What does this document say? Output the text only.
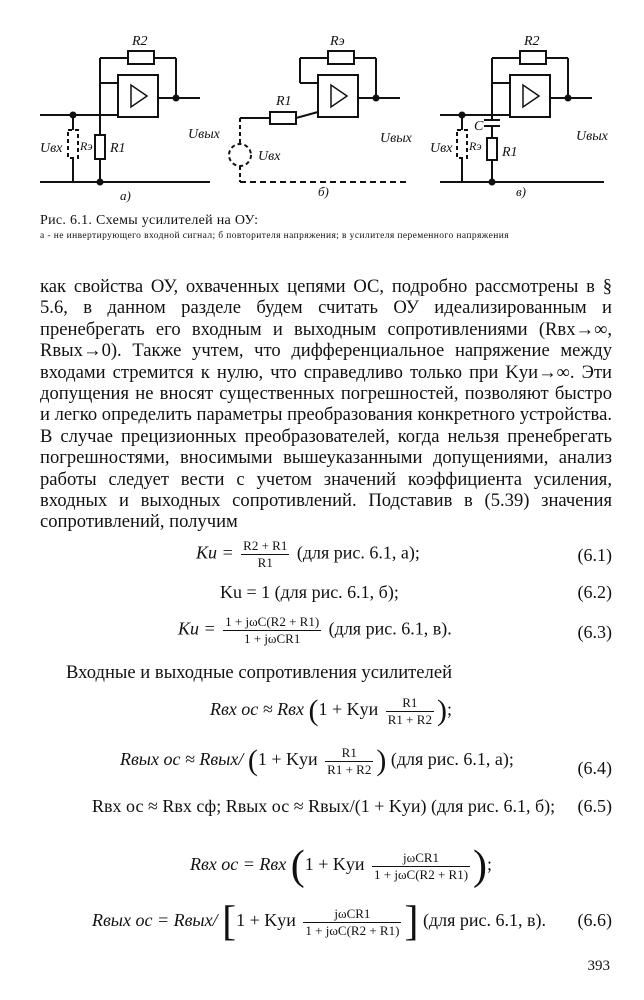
R2
Rэ R1
Uвх
Uвых
а)
Rэ
R1
Uвх
Uвых
б)
R2
C
Rэ R1
Uвх
Uвых
в)
Рис. 6.1. Схемы усилителей на ОУ:
а - не инвертирующего входной сигнал; б повторителя напряжения; в усилителя переменного напряжения
как свойства ОУ, охваченных цепями ОС, подробно рассмотрены в § 5.6, в данном разделе будем считать ОУ идеализированным и пренебрегать его входным и выходным сопротивлениями (Rвх→∞, Rвых→0). Также учтем, что дифференциальное напряжение между входами стремится к нулю, что справедливо только при Kуи→∞. Эти допущения не вносят существенных погрешностей, позволяют быстро и легко определить параметры преобразования конкретного устройства. В случае прецизионных преобразователей, когда нельзя пренебрегать погрешностями, вносимыми вышеуказанными допущениями, анализ работы следует вести с учетом значений коэффициента усиления, входных и выходных сопротивлений. Подставив в (5.39) значения сопротивлений, получим
$Ku = \frac{R2 + R1}{R1} (для$ рис. 6.1, а);	(6.1)
Ku = 1 (для рис. 6.1, б);	(6.2)
$Ku = \frac{\text{1 + jωC(R2 + R1)}}{\text{1 + jωCR1}} (для$ рис. 6.1, в).	(6.3)
Входные и выходные сопротивления усилителей
Rвх ос ≈ Rвх (1 + Kуи $\frac{R1}{R1 + R2}$ );
Rвых ос ≈ Rвых/ (1 + Kуи $\frac{R1}{R1 + R2}$ ) (для рис. 6.1, а);	(6.4)
Rвх ос ≈ Rвх сф; Rвых ос ≈ Rвых/(1 + Kуи) (для рис. 6.1, б); (6.5)
Rвх ос = Rвх (1 + Kуи $\frac{\text{jωCR1}}{\text{1 + jωC(R2 + R1)}}$ );
Rвых ос = Rвых/ [1 + Kуи $\frac{\text{jωCR1}}{\text{1 + jωC(R2 + R1)}}$ ] (для рис. 6.1, в). (6.6)
393
